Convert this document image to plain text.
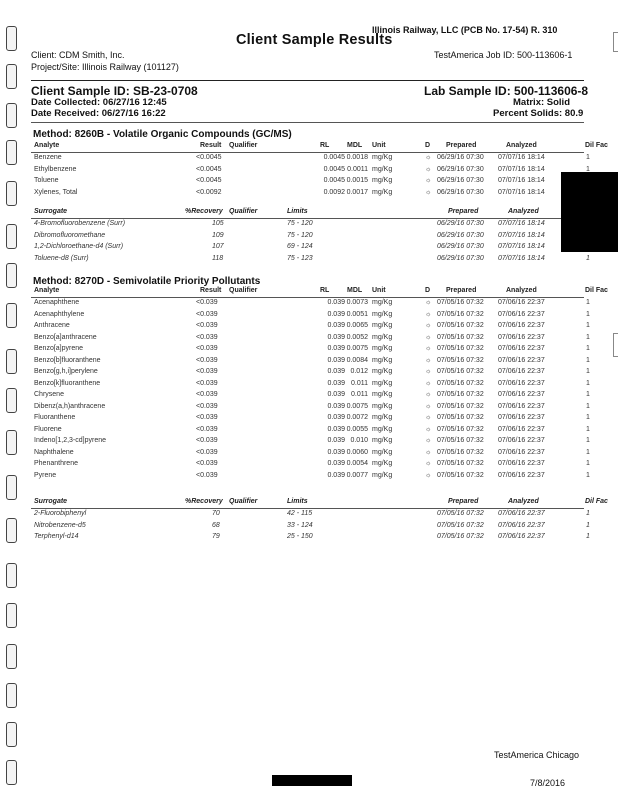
Illinois Railway, LLC (PCB No. 17-54) R. 310
Client Sample Results
Client: CDM Smith, Inc.	TestAmerica Job ID: 500-113606-1
Project/Site: Illinois Railway (101127)
Client Sample ID: SB-23-0708	Lab Sample ID: 500-113606-8
Date Collected: 06/27/16 12:45	Matrix: Solid
Date Received: 06/27/16 16:22	Percent Solids: 80.9
Method: 8260B - Volatile Organic Compounds (GC/MS)
Analyte	Result Qualifier	RL	MDL Unit	D Prepared	Analyzed	Dil Fac
Benzene	<0.0045	0.0045 0.0018 mg/Kg	☼ 06/29/16 07:30 07/07/16 18:14	1
Ethylbenzene	<0.0045	0.0045 0.0011 mg/Kg	☼ 06/29/16 07:30 07/07/16 18:14	1
Toluene	<0.0045	0.0045 0.0015 mg/Kg	☼ 06/29/16 07:30 07/07/16 18:14
Xylenes, Total	<0.0092	0.0092 0.0017 mg/Kg	☼ 06/29/16 07:30 07/07/16 18:14
Surrogate	%Recovery Qualifier	Limits	Prepared	Analyzed
4-Bromofluorobenzene (Surr)	105	75 - 120	06/29/16 07:30 07/07/16 18:14
Dibromofluoromethane	109	75 - 120	06/29/16 07:30 07/07/16 18:14
1,2-Dichloroethane-d4 (Surr)	107	69 - 124	06/29/16 07:30 07/07/16 18:14
Toluene-d8 (Surr)	118	75 - 123	06/29/16 07:30 07/07/16 18:14	1
Method: 8270D - Semivolatile Priority Pollutants
Analyte	Result Qualifier	RL	MDL Unit	D Prepared	Analyzed	Dil Fac
Acenaphthene	<0.039	0.039 0.0073 mg/Kg	☼ 07/05/16 07:32 07/06/16 22:37	1
Acenaphthylene	<0.039	0.039 0.0051 mg/Kg	☼ 07/05/16 07:32 07/06/16 22:37	1
Anthracene	<0.039	0.039 0.0065 mg/Kg	☼ 07/05/16 07:32 07/06/16 22:37	1
Benzo[a]anthracene	<0.039	0.039 0.0052 mg/Kg	☼ 07/05/16 07:32 07/06/16 22:37	1
Benzo[a]pyrene	<0.039	0.039 0.0075 mg/Kg	☼ 07/05/16 07:32 07/06/16 22:37	1
Benzo[b]fluoranthene	<0.039	0.039 0.0084 mg/Kg	☼ 07/05/16 07:32 07/06/16 22:37	1
Benzo[g,h,i]perylene	<0.039	0.039 0.012 mg/Kg	☼ 07/05/16 07:32 07/06/16 22:37	1
Benzo[k]fluoranthene	<0.039	0.039 0.011 mg/Kg	☼ 07/05/16 07:32 07/06/16 22:37	1
Chrysene	<0.039	0.039 0.011 mg/Kg	☼ 07/05/16 07:32 07/06/16 22:37	1
Dibenz(a,h)anthracene	<0.039	0.039 0.0075 mg/Kg	☼ 07/05/16 07:32 07/06/16 22:37	1
Fluoranthene	<0.039	0.039 0.0072 mg/Kg	☼ 07/05/16 07:32 07/06/16 22:37	1
Fluorene	<0.039	0.039 0.0055 mg/Kg	☼ 07/05/16 07:32 07/06/16 22:37	1
Indeno[1,2,3-cd]pyrene	<0.039	0.039 0.010 mg/Kg	☼ 07/05/16 07:32 07/06/16 22:37	1
Naphthalene	<0.039	0.039 0.0060 mg/Kg	☼ 07/05/16 07:32 07/06/16 22:37	1
Phenanthrene	<0.039	0.039 0.0054 mg/Kg	☼ 07/05/16 07:32 07/06/16 22:37	1
Pyrene	<0.039	0.039 0.0077 mg/Kg	☼ 07/05/16 07:32 07/06/16 22:37	1
Surrogate	%Recovery Qualifier	Limits	Prepared	Analyzed	Dil Fac
2-Fluorobiphenyl	70	42 - 115	07/05/16 07:32 07/06/16 22:37	1
Nitrobenzene-d5	68	33 - 124	07/05/16 07:32 07/06/16 22:37	1
Terphenyl-d14	79	25 - 150	07/05/16 07:32 07/06/16 22:37	1
TestAmerica Chicago
7/8/2016
